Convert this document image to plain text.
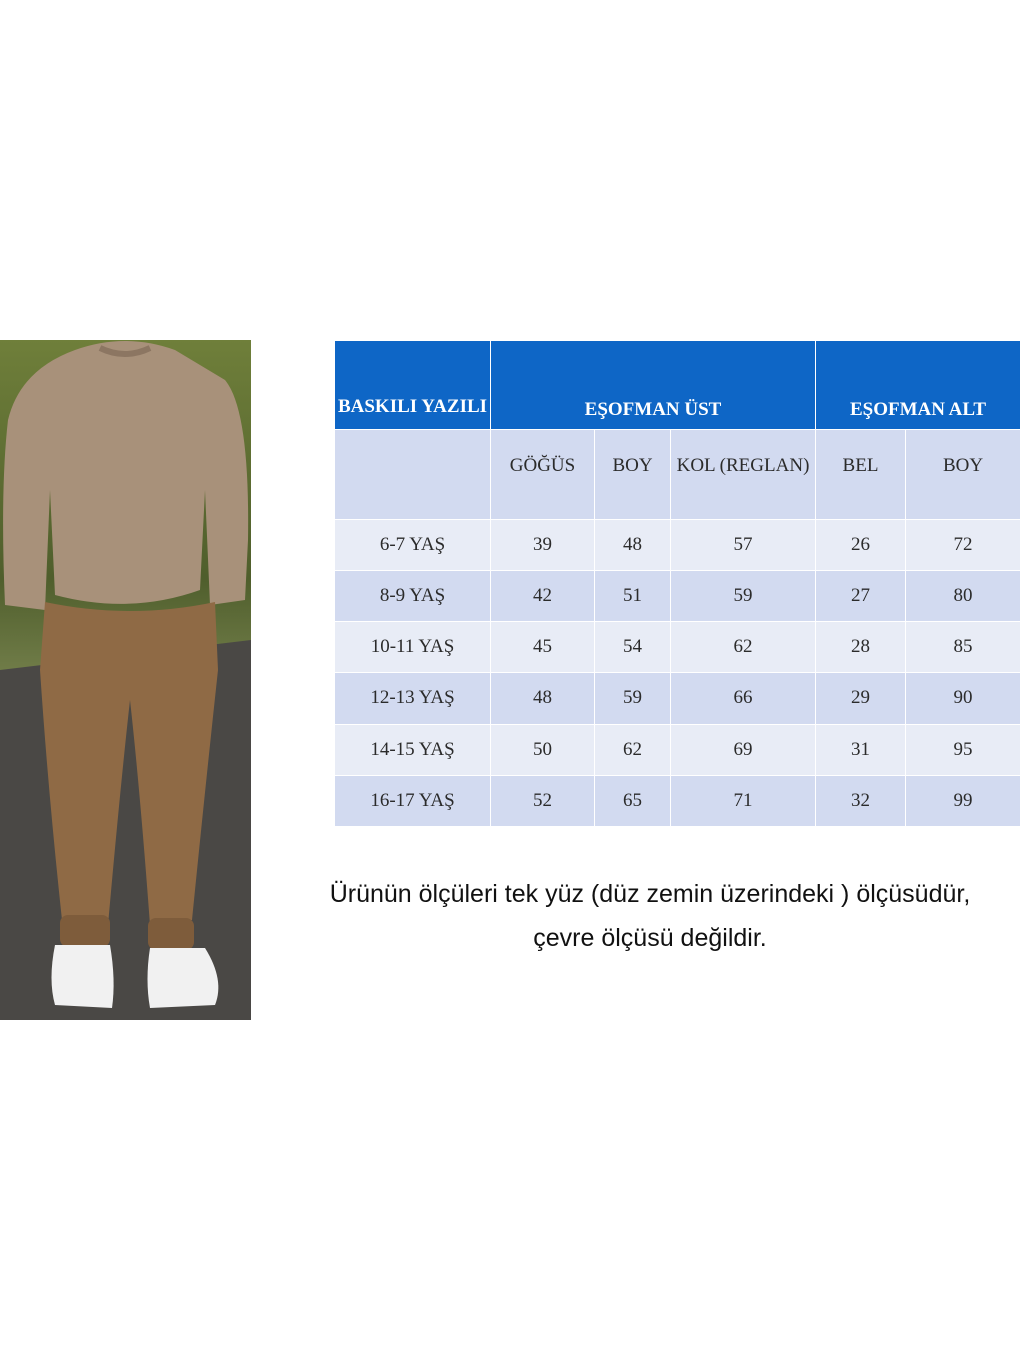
BASKILI YAZILI	EŞOFMAN ÜST			EŞOFMAN ALT	
	GÖĞÜS	BOY	KOL (REGLAN)	BEL	BOY
6-7 YAŞ	39	48	57	26	72
8-9 YAŞ	42	51	59	27	80
10-11 YAŞ	45	54	62	28	85
12-13 YAŞ	48	59	66	29	90
14-15 YAŞ	50	62	69	31	95
16-17 YAŞ	52	65	71	32	99
Ürünün ölçüleri tek yüz (düz zemin üzerindeki ) ölçüsüdür,
çevre ölçüsü değildir.
